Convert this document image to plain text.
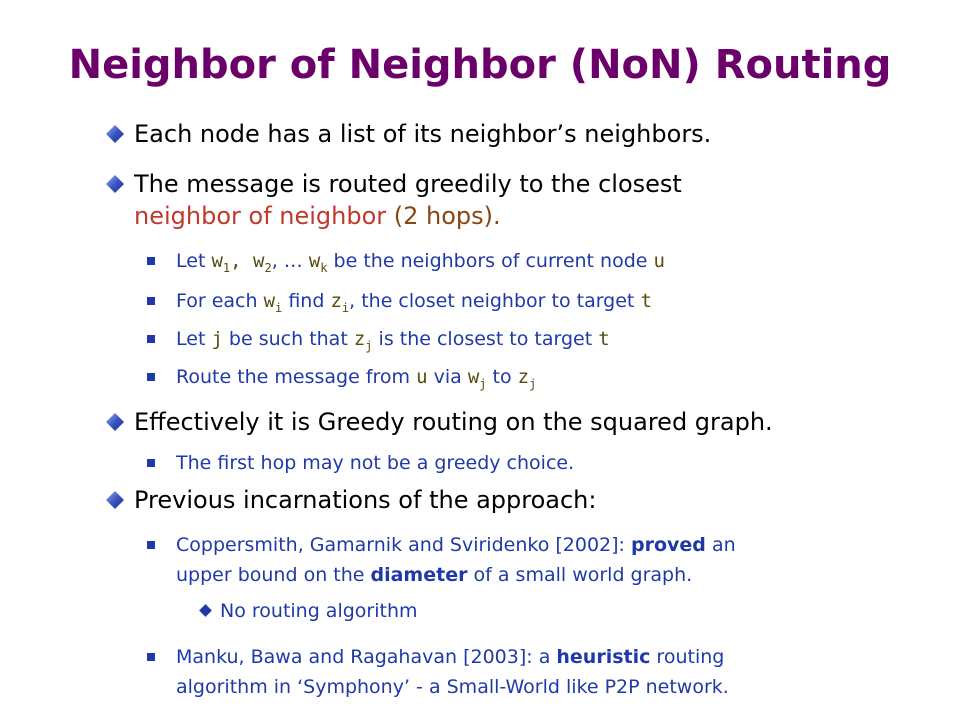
Neighbor of Neighbor (NoN) Routing
Each node has a list of its neighbor’s neighbors.
The message is routed greedily to the closest
neighbor of neighbor (2 hops).
Let $w_1$, $w_2$, … $w_k$ be the neighbors of current node u
For each $w_i$ find $z_i$, the closet neighbor to target t
Let j be such that $z_j$ is the closest to target t
Route the message from u via $w_j$ to $z_j$
Effectively it is Greedy routing on the squared graph.
The first hop may not be a greedy choice.
Previous incarnations of the approach:
Coppersmith, Gamarnik and Sviridenko [2002]: proved an
upper bound on the diameter of a small world graph.
No routing algorithm
Manku, Bawa and Ragahavan [2003]: a heuristic routing
algorithm in ‘Symphony’ - a Small-World like P2P network.
